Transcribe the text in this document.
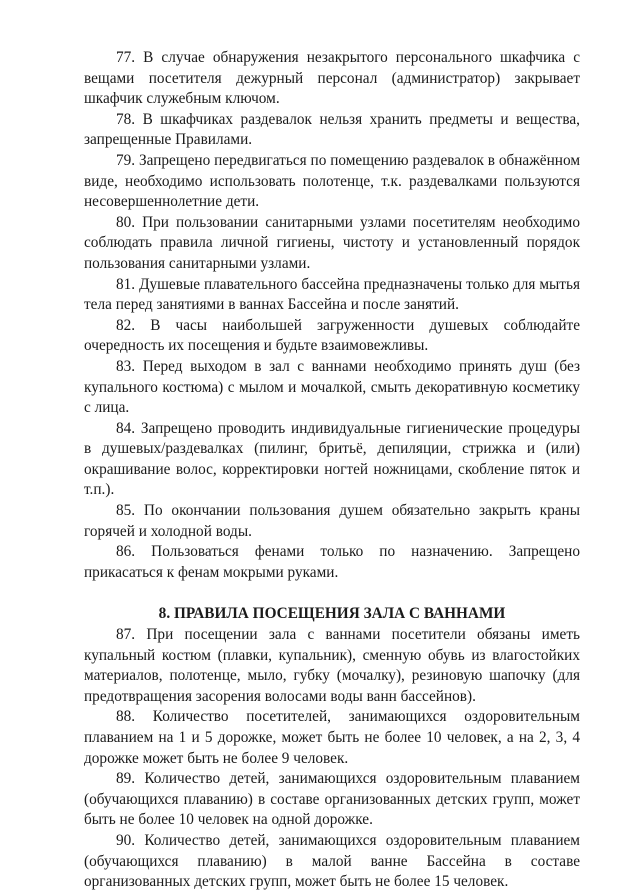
77. В случае обнаружения незакрытого персонального шкафчика с вещами посетителя дежурный персонал (администратор) закрывает шкафчик служебным ключом.

78. В шкафчиках раздевалок нельзя хранить предметы и вещества, запрещенные Правилами.

79. Запрещено передвигаться по помещению раздевалок в обнажённом виде, необходимо использовать полотенце, т.к. раздевалками пользуются несовершеннолетние дети.

80. При пользовании санитарными узлами посетителям необходимо соблюдать правила личной гигиены, чистоту и установленный порядок пользования санитарными узлами.

81. Душевые плавательного бассейна предназначены только для мытья тела перед занятиями в ваннах Бассейна и после занятий.

82. В часы наибольшей загруженности душевых соблюдайте очередность их посещения и будьте взаимовежливы.

83. Перед выходом в зал с ваннами необходимо принять душ (без купального костюма) с мылом и мочалкой, смыть декоративную косметику с лица.

84. Запрещено проводить индивидуальные гигиенические процедуры в душевых/раздевалках (пилинг, бритьё, депиляции, стрижка и (или) окрашивание волос, корректировки ногтей ножницами, скобление пяток и т.п.).

85. По окончании пользования душем обязательно закрыть краны горячей и холодной воды.

86. Пользоваться фенами только по назначению. Запрещено прикасаться к фенам мокрыми руками.

8. ПРАВИЛА ПОСЕЩЕНИЯ ЗАЛА С ВАННАМИ

87. При посещении зала с ваннами посетители обязаны иметь купальный костюм (плавки, купальник), сменную обувь из влагостойких материалов, полотенце, мыло, губку (мочалку), резиновую шапочку (для предотвращения засорения волосами воды ванн бассейнов).

88. Количество посетителей, занимающихся оздоровительным плаванием на 1 и 5 дорожке, может быть не более 10 человек, а на 2, 3, 4 дорожке может быть не более 9 человек.

89. Количество детей, занимающихся оздоровительным плаванием (обучающихся плаванию) в составе организованных детских групп, может быть не более 10 человек на одной дорожке.

90. Количество детей, занимающихся оздоровительным плаванием (обучающихся плаванию) в малой ванне Бассейна в составе организованных детских групп, может быть не более 15 человек.
